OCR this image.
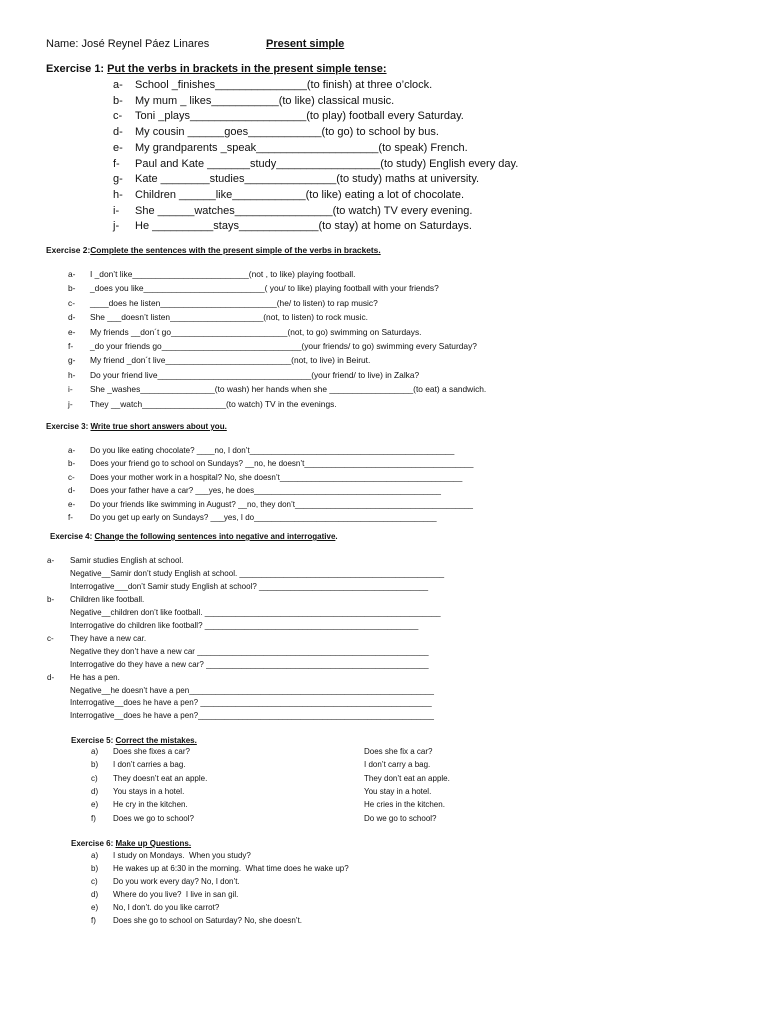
Name: José Reynel Páez Linares	Present simple
Exercise 1: Put the verbs in brackets in the present simple tense:
a- School _finishes_______________(to finish) at three o’clock.
b- My mum _ likes___________(to like) classical music.
c- Toni _plays___________________(to play) football every Saturday.
d- My cousin ______goes____________(to go) to school by bus.
e- My grandparents _speak____________________(to speak) French.
f- Paul and Kate _______study_________________(to study) English every day.
g- Kate ________studies_______________(to study) maths at university.
h- Children ______like____________(to like) eating a lot of chocolate.
i- She ______watches________________(to watch) TV every evening.
j- He __________stays_____________(to stay) at home on Saturdays.
Exercise 2:Complete the sentences with the present simple of the verbs in brackets.
a- I _don’t like_________________________(not , to like) playing football.
b- _does you like__________________________( you/ to like) playing football with your friends?
c- ____does he listen_________________________(he/ to listen) to rap music?
d- She ___doesn’t listen____________________(not, to listen) to rock music.
e- My friends __don´t go_________________________(not, to go) swimming on Saturdays.
f- _do your friends go______________________________(your friends/ to go) swimming every Saturday?
g- My friend _don´t live___________________________(not, to live) in Beirut.
h- Do your friend live_________________________________(your friend/ to live) in Zalka?
i- She _washes________________(to wash) her hands when she __________________(to eat) a sandwich.
j- They __watch__________________(to watch) TV in the evenings.
Exercise 3: Write true short answers about you.
a- Do you like eating chocolate? ____no, I don’t______________________________________________
b- Does your friend go to school on Sundays? __no, he doesn’t______________________________________
c- Does your mother work in a hospital? No, she doesn’t_________________________________________
d- Does your father have a car? ___yes, he does__________________________________________
e- Do your friends like swimming in August? __no, they don’t________________________________________
f- Do you get up early on Sundays? ___yes, I do_________________________________________
Exercise 4: Change the following sentences into negative and interrogative.
a- Samir studies English at school.
Negative__Samir don’t study English at school. ______________________________________________
Interrogative___don’t Samir study English at school? ______________________________________
b- Children like football.
Negative__children don’t like football. _____________________________________________________
Interrogative do children like football? ________________________________________________
c- They have a new car.
Negative they don’t have a new car ____________________________________________________
Interrogative do they have a new car? __________________________________________________
d- He has a pen.
Negative__he doesn’t have a pen_______________________________________________________
Interrogative__does he have a pen? ____________________________________________________
Interrogative__does he have a pen?_____________________________________________________
Exercise 5: Correct the mistakes.
a) Does she fixes a car?	Does she fix a car?
b) I don’t carries a bag.	I don’t carry a bag.
c) They doesn’t eat an apple.	They don’t eat an apple.
d) You stays in a hotel.	You stay in a hotel.
e) He cry in the kitchen.	He cries in the kitchen.
f) Does we go to school?	Do we go to school?
Exercise 6: Make up Questions.
a) I study on Mondays.  When you study?
b) He wakes up at 6:30 in the morning.  What time does he wake up?
c) Do you work every day? No, I don’t.
d) Where do you live?  I live in san gil.
e) No, I don’t. do you like carrot?
f) Does she go to school on Saturday? No, she doesn’t.
